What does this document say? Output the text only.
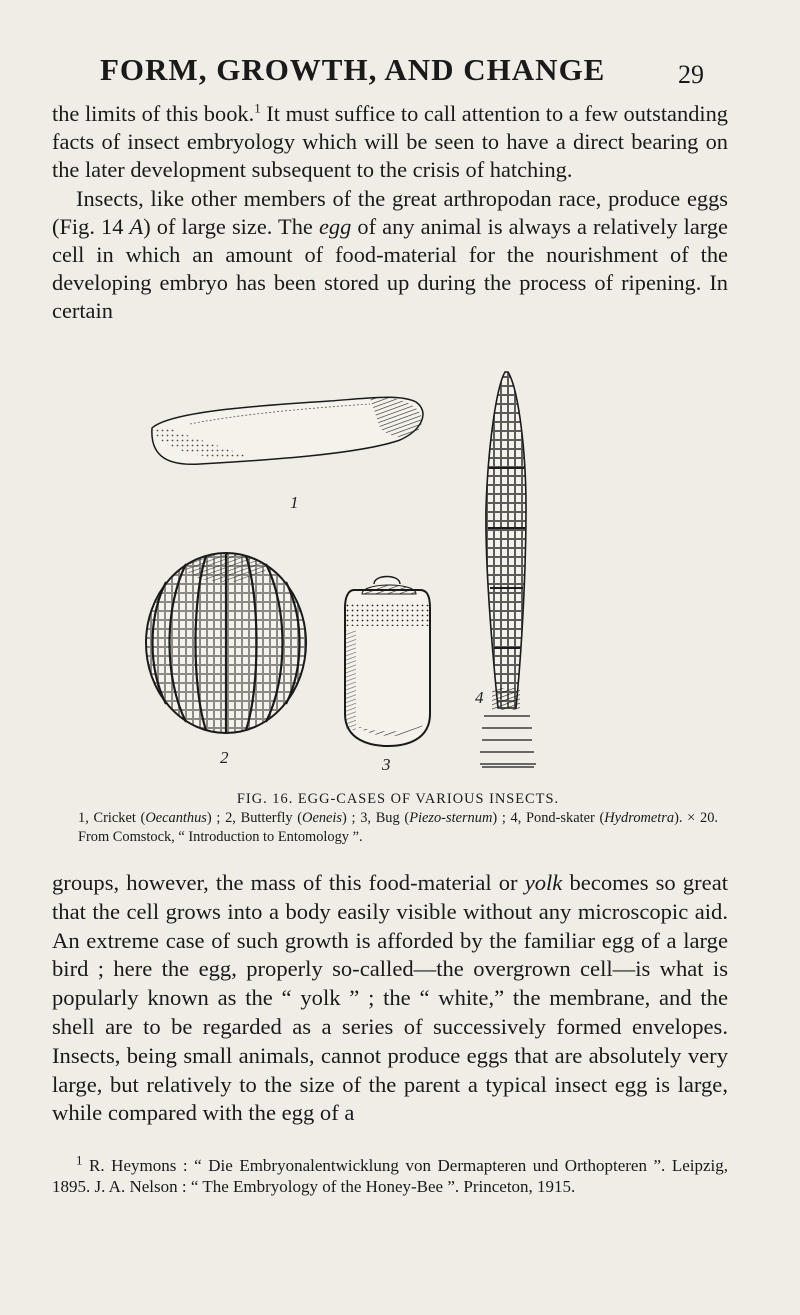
FORM, GROWTH, AND CHANGE	29

the limits of this book.$^1$ It must suffice to call attention to a few outstanding facts of insect embryology which will be seen to have a direct bearing on the later development subsequent to the crisis of hatching.

Insects, like other members of the great arthropodan race, produce eggs (Fig. 14 A) of large size. The egg of any animal is always a relatively large cell in which an amount of food-material for the nourishment of the developing embryo has been stored up during the process of ripening. In certain

1
2	3
4
FIG. 16. EGG-CASES OF VARIOUS INSECTS.
1, Cricket (Oecanthus) ; 2, Butterfly (Oeneis) ; 3, Bug (Piezo-sternum) ; 4, Pond-skater (Hydrometra). × 20. From Comstock, “ Introduction to Entomology ”.

groups, however, the mass of this food-material or yolk becomes so great that the cell grows into a body easily visible without any microscopic aid. An extreme case of such growth is afforded by the familiar egg of a large bird ; here the egg, properly so-called—the overgrown cell—is what is popularly known as the “ yolk ” ; the “ white,” the membrane, and the shell are to be regarded as a series of successively formed envelopes. Insects, being small animals, cannot produce eggs that are absolutely very large, but relatively to the size of the parent a typical insect egg is large, while compared with the egg of a

$^1$ R. Heymons : “ Die Embryonalentwicklung von Dermapteren und Orthopteren ”. Leipzig, 1895. J. A. Nelson : “ The Embryology of the Honey-Bee ”. Princeton, 1915.
